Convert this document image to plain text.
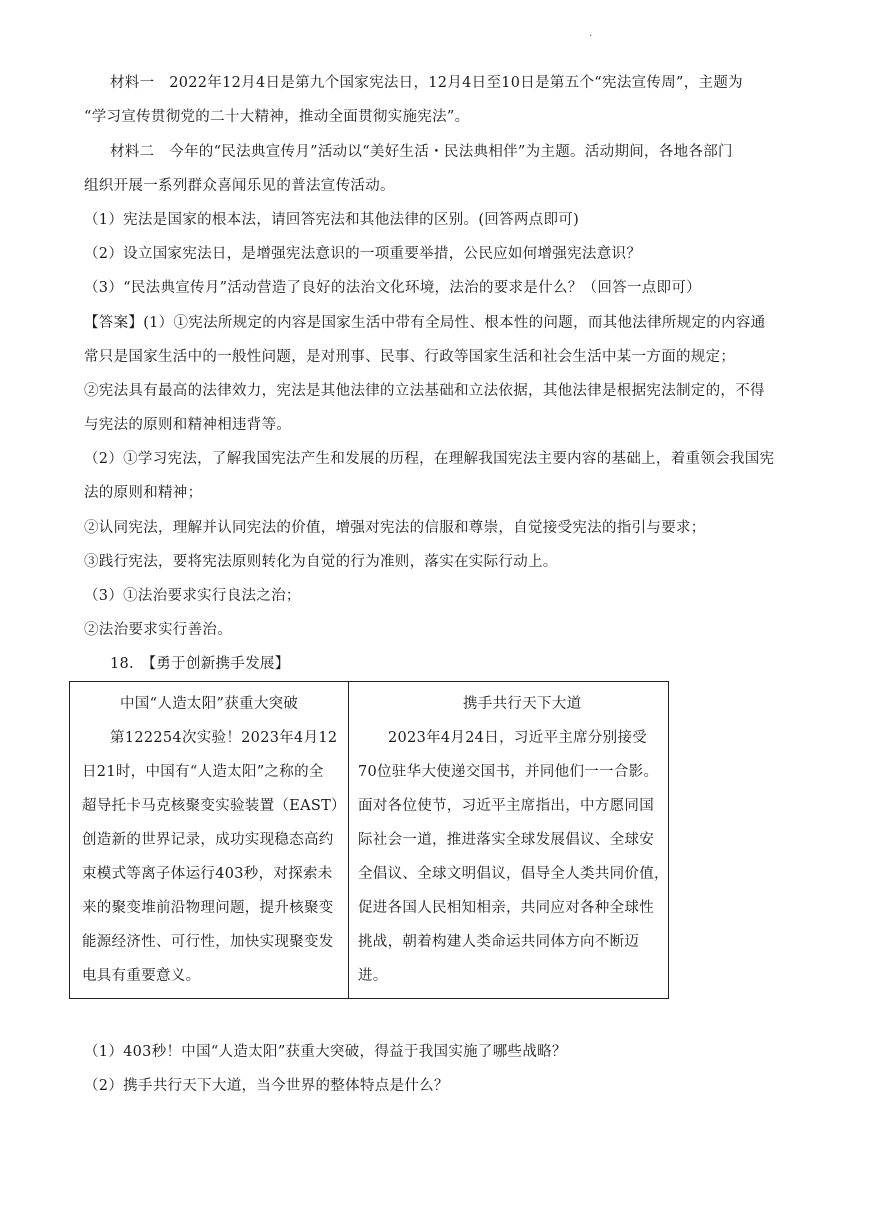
.
材料一　2022年12月4日是第九个国家宪法日，12月4日至10日是第五个“宪法宣传周”，主题为
“学习宣传贯彻党的二十大精神，推动全面贯彻实施宪法”。
材料二　今年的“民法典宣传月”活动以“美好生活・民法典相伴”为主题。活动期间，各地各部门
组织开展一系列群众喜闻乐见的普法宣传活动。
（1）宪法是国家的根本法，请回答宪法和其他法律的区别。(回答两点即可)
（2）设立国家宪法日，是增强宪法意识的一项重要举措，公民应如何增强宪法意识？
（3）“民法典宣传月”活动营造了良好的法治文化环境，法治的要求是什么？（回答一点即可）
【答案】(1）①宪法所规定的内容是国家生活中带有全局性、根本性的问题，而其他法律所规定的内容通
常只是国家生活中的一般性问题，是对刑事、民事、行政等国家生活和社会生活中某一方面的规定；
②宪法具有最高的法律效力，宪法是其他法律的立法基础和立法依据，其他法律是根据宪法制定的，不得
与宪法的原则和精神相违背等。
（2）①学习宪法，了解我国宪法产生和发展的历程，在理解我国宪法主要内容的基础上，着重领会我国宪
法的原则和精神；
②认同宪法，理解并认同宪法的价值，增强对宪法的信服和尊崇，自觉接受宪法的指引与要求；
③践行宪法，要将宪法原则转化为自觉的行为准则，落实在实际行动上。
（3）①法治要求实行良法之治；
②法治要求实行善治。
18.　【勇于创新携手发展】
中国“人造太阳”获重大突破
第122254次实验！2023年4月12
日21时，中国有“人造太阳”之称的全
超导托卡马克核聚变实验装置（EAST）
创造新的世界记录，成功实现稳态高约
束模式等离子体运行403秒，对探索未
来的聚变堆前沿物理问题，提升核聚变
能源经济性、可行性，加快实现聚变发
电具有重要意义。
携手共行天下大道
2023年4月24日，习近平主席分别接受
70位驻华大使递交国书，并同他们一一合影。
面对各位使节，习近平主席指出，中方愿同国
际社会一道，推进落实全球发展倡议、全球安
全倡议、全球文明倡议，倡导全人类共同价值，
促进各国人民相知相亲，共同应对各种全球性
挑战，朝着构建人类命运共同体方向不断迈
进。
（1）403秒！中国“人造太阳”获重大突破，得益于我国实施了哪些战略？
（2）携手共行天下大道，当今世界的整体特点是什么？
